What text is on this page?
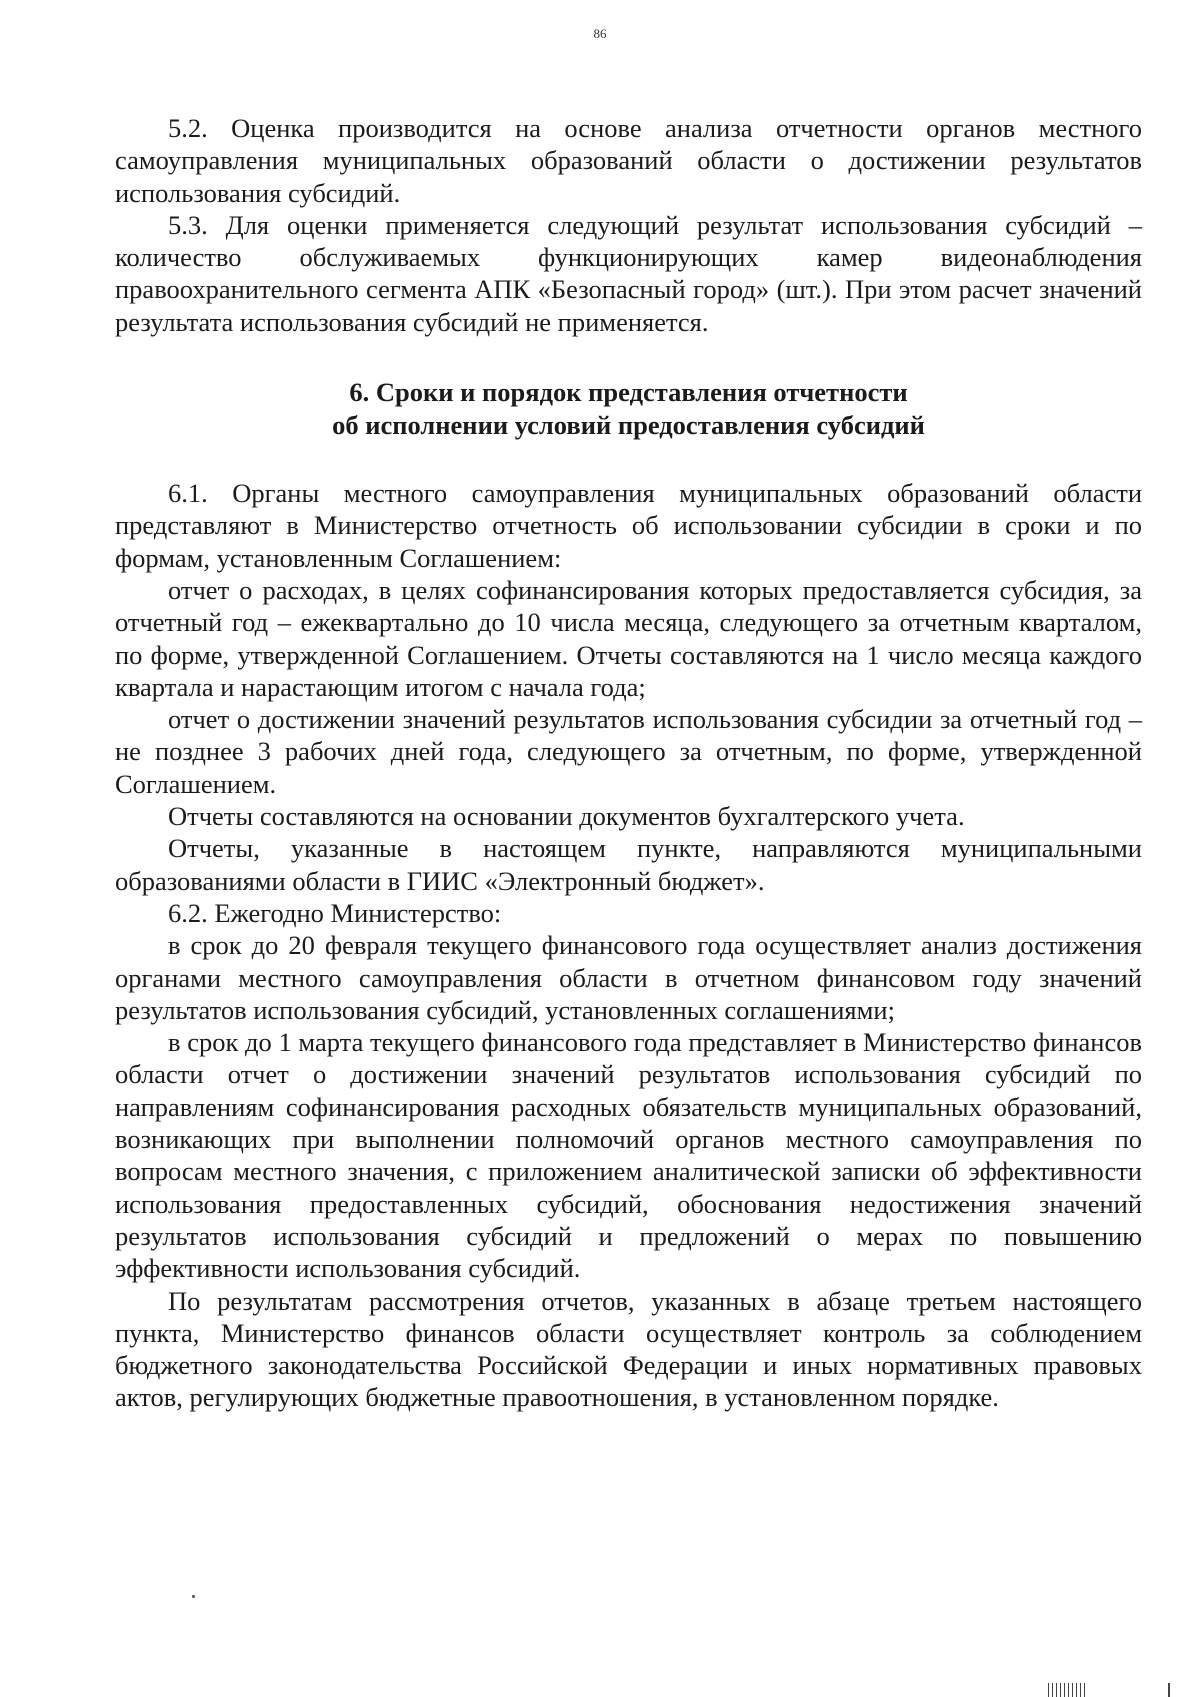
86

5.2. Оценка производится на основе анализа отчетности органов местного самоуправления муниципальных образований области о достижении результатов использования субсидий.

5.3. Для оценки применяется следующий результат использования субсидий – количество обслуживаемых функционирующих камер видеонаблюдения правоохранительного сегмента АПК «Безопасный город» (шт.). При этом расчет значений результата использования субсидий не применяется.

6. Сроки и порядок представления отчетности
об исполнении условий предоставления субсидий

6.1. Органы местного самоуправления муниципальных образований области представляют в Министерство отчетность об использовании субсидии в сроки и по формам, установленным Соглашением:

отчет о расходах, в целях софинансирования которых предоставляется субсидия, за отчетный год – ежеквартально до 10 числа месяца, следующего за отчетным кварталом, по форме, утвержденной Соглашением. Отчеты составляются на 1 число месяца каждого квартала и нарастающим итогом с начала года;

отчет о достижении значений результатов использования субсидии за отчетный год – не позднее 3 рабочих дней года, следующего за отчетным, по форме, утвержденной Соглашением.

Отчеты составляются на основании документов бухгалтерского учета.

Отчеты, указанные в настоящем пункте, направляются муниципальными образованиями области в ГИИС «Электронный бюджет».

6.2. Ежегодно Министерство:

в срок до 20 февраля текущего финансового года осуществляет анализ достижения органами местного самоуправления области в отчетном финансовом году значений результатов использования субсидий, установленных соглашениями;

в срок до 1 марта текущего финансового года представляет в Министерство финансов области отчет о достижении значений результатов использования субсидий по направлениям софинансирования расходных обязательств муниципальных образований, возникающих при выполнении полномочий органов местного самоуправления по вопросам местного значения, с приложением аналитической записки об эффективности использования предоставленных субсидий, обоснования недостижения значений результатов использования субсидий и предложений о мерах по повышению эффективности использования субсидий.

По результатам рассмотрения отчетов, указанных в абзаце третьем настоящего пункта, Министерство финансов области осуществляет контроль за соблюдением бюджетного законодательства Российской Федерации и иных нормативных правовых актов, регулирующих бюджетные правоотношения, в установленном порядке.
